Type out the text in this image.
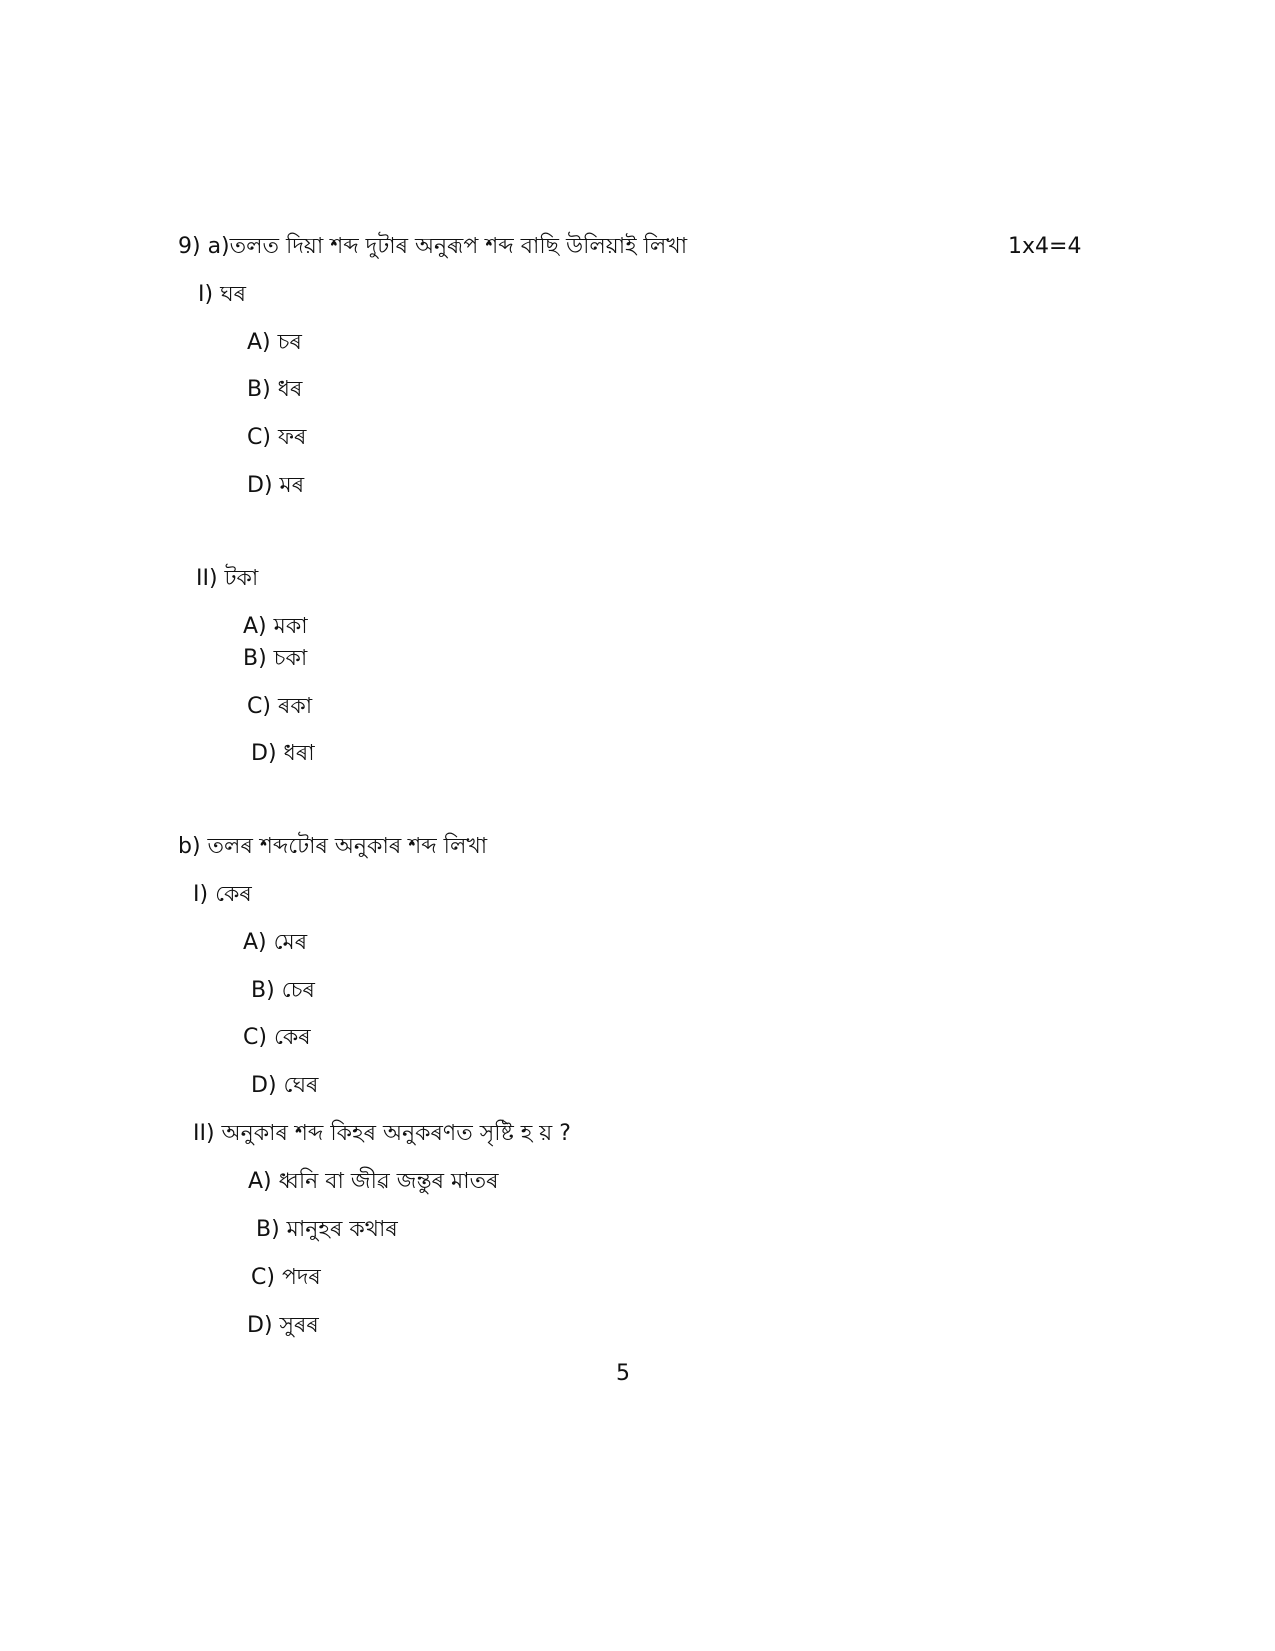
9) a)তলত দিয়া শব্দ দুটাৰ অনুৰূপ শব্দ বাছি উলিয়াই লিখা	1x4=4
I) ঘৰ
A) চৰ
B) ধৰ
C) ফৰ
D) মৰ
II) টকা
A) মকা
B) চকা
C) ৰকা
D) ধৰা
b) তলৰ শব্দটোৰ অনুকাৰ শব্দ লিখা
I) কেৰ
A) মেৰ
B) চেৰ
C) কেৰ
D) ঘেৰ
II) অনুকাৰ শব্দ কিহৰ অনুকৰণত সৃষ্টি হ য় ?
A) ধ্বনি বা জীৱ জন্তুৰ মাতৰ
B) মানুহৰ কথাৰ
C) পদৰ
D) সুৰৰ
5
